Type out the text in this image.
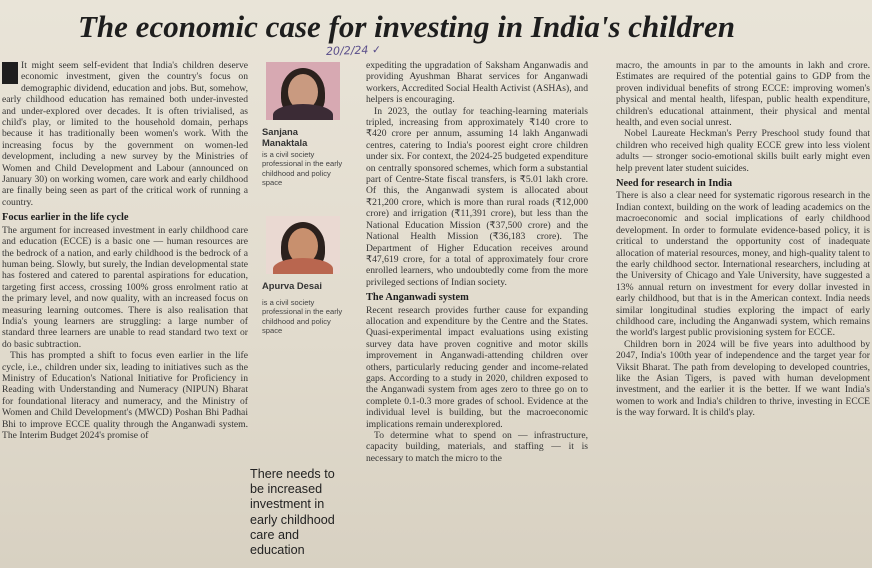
The economic case for investing in India's children
20/2/24 ✓

It might seem self-evident that India's children deserve economic investment, given the country's focus on demographic dividend, education and jobs. But, somehow, early childhood education has remained both under-invested and under-explored over decades. It is often trivialised, as child's play, or limited to the household domain, perhaps because it has traditionally been women's work. With the increasing focus by the government on women-led development, including a new survey by the Ministries of Women and Child Development and Labour (announced on January 30) on working women, care work and early childhood are finally being seen as part of the critical work of running a country.

Focus earlier in the life cycle

The argument for increased investment in early childhood care and education (ECCE) is a basic one — human resources are the bedrock of a nation, and early childhood is the bedrock of a human being. Slowly, but surely, the Indian developmental state has fostered and catered to parental aspirations for education, targeting first access, crossing 100% gross enrolment ratio at the primary level, and now quality, with an increased focus on measuring learning outcomes. There is also realisation that India's young learners are struggling: a large number of standard three learners are unable to read standard two text or do basic subtraction.

This has prompted a shift to focus even earlier in the life cycle, i.e., children under six, leading to initiatives such as the Ministry of Education's National Initiative for Proficiency in Reading with Understanding and Numeracy (NIPUN) Bharat for foundational literacy and numeracy, and the Ministry of Women and Child Development's (MWCD) Poshan Bhi Padhai Bhi to improve ECCE quality through the Anganwadi system. The Interim Budget 2024's promise of

Sanjana Manaktala
is a civil society professional in the early childhood and policy space
Apurva Desai
is a civil society professional in the early childhood and policy space
There needs to be increased investment in early childhood care and education

expediting the upgradation of Saksham Anganwadis and providing Ayushman Bharat services for Anganwadi workers, Accredited Social Health Activist (ASHAs), and helpers is encouraging.

In 2023, the outlay for teaching-learning materials tripled, increasing from approximately ₹140 crore to ₹420 crore per annum, assuming 14 lakh Anganwadi centres, catering to India's poorest eight crore children under six. For context, the 2024-25 budgeted expenditure on centrally sponsored schemes, which form a substantial part of Centre-State fiscal transfers, is ₹5.01 lakh crore. Of this, the Anganwadi system is allocated about ₹21,200 crore, which is more than rural roads (₹12,000 crore) and irrigation (₹11,391 crore), but less than the National Education Mission (₹37,500 crore) and the National Health Mission (₹36,183 crore). The Department of Higher Education receives around ₹47,619 crore, for a total of approximately four crore enrolled learners, who undoubtedly come from the more privileged sections of Indian society.

The Anganwadi system

Recent research provides further cause for expanding allocation and expenditure by the Centre and the States. Quasi-experimental impact evaluations using existing survey data have proven cognitive and motor skills improvement in Anganwadi-attending children over others, particularly reducing gender and income-related gaps. According to a study in 2020, children exposed to the Anganwadi system from ages zero to three go on to complete 0.1-0.3 more grades of school. Evidence at the individual level is building, but the macroeconomic implications remain underexplored.

To determine what to spend on — infrastructure, capacity building, materials, and staffing — it is necessary to match the micro to the

macro, the amounts in par to the amounts in lakh and crore. Estimates are required of the potential gains to GDP from the proven individual benefits of strong ECCE: improving women's physical and mental health, lifespan, public health expenditure, children's educational attainment, their physical and mental health, and even social unrest.

Nobel Laureate Heckman's Perry Preschool study found that children who received high quality ECCE grew into less violent adults — stronger socio-emotional skills built early might even help prevent later student suicides.

Need for research in India

There is also a clear need for systematic rigorous research in the Indian context, building on the work of leading academics on the macroeconomic and social implications of early childhood development. In order to formulate evidence-based policy, it is critical to understand the opportunity cost of inadequate allocation of material resources, money, and high-quality talent to the early childhood sector. International researchers, including at the University of Chicago and Yale University, have suggested a 13% annual return on investment for every dollar invested in early childhood, but that is in the American context. India needs similar longitudinal studies exploring the impact of early childhood care, including the Anganwadi system, which remains the world's largest public provisioning system for ECCE.

Children born in 2024 will be five years into adulthood by 2047, India's 100th year of independence and the target year for Viksit Bharat. The path from developing to developed countries, like the Asian Tigers, is paved with human development investment, and the earlier it is the better. If we want India's women to work and India's children to thrive, investing in ECCE is the way forward. It is child's play.
